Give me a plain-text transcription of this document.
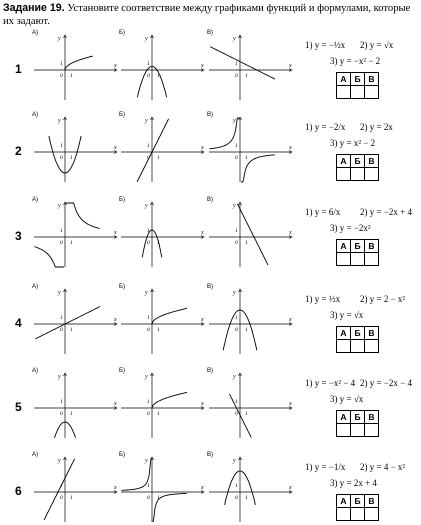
Задание 19. Установите соответствие между графиками функций и формулами, которые их задают.
1
А)
x
y
0 1
1
Б)
x
y
0 1
1
В)
x
y
0 1
1
1) y = −½x 2) y = √x
3) y = −x² − 2
А	Б	В

2
А)
x
y
0 1
1
Б)
x
y
0 1
1
В)
x
y
0 1
1
1) y = −2/x 2) y = 2x
3) y = x² − 2
А	Б	В

3
А)
x
y
0 1
1
Б)
x
y
0 1
1
В)
x
y
0 1
1
1) y = 6/x 2) y = −2x + 4
3) y = −2x²
А	Б	В

4
А)
x
y
0 1
1
Б)
x
y
0 1
1
В)
x
y
0 1
1
1) y = ½x 2) y = 2 − x²
3) y = √x
А	Б	В

5
А)
x
y
0 1
1
Б)
x
y
0 1
1
В)
x
y
0 1
1
1) y = −x² − 4 2) y = −2x − 4
3) y = √x
А	Б	В

6
А)
x
y
0 1
1
Б)
x
y
0 1
1
В)
x
y
0 1
1
1) y = −1/x 2) y = 4 − x²
3) y = 2x + 4
А	Б	В
